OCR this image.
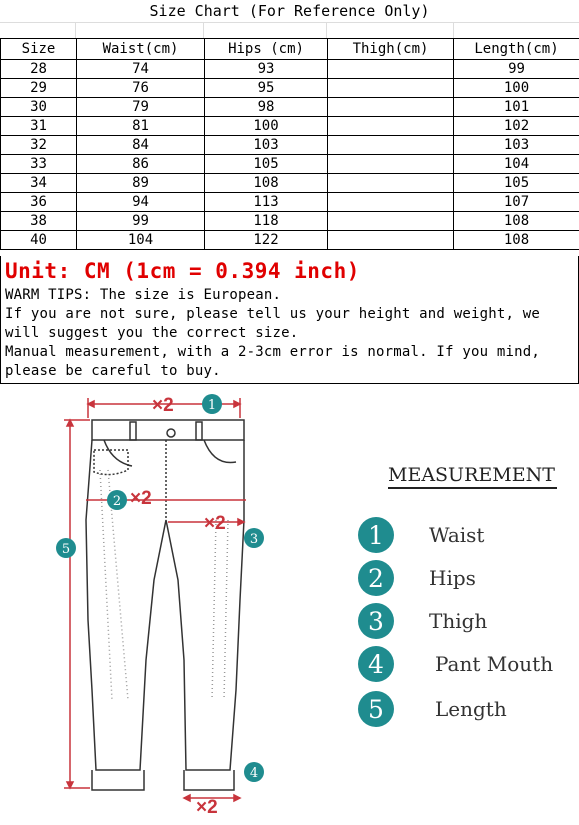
Size Chart (For Reference Only)
Size	Waist(cm)	Hips (cm)	Thigh(cm)	Length(cm)
28	74	93		99
29	76	95		100
30	79	98		101
31	81	100		102
32	84	103		103
33	86	105		104
34	89	108		105
36	94	113		107
38	99	118		108
40	104	122		108
Unit: CM (1cm = 0.394 inch)
WARM TIPS: The size is European.
If you are not sure, please tell us your height and weight, we
will suggest you the correct size.
Manual measurement, with a 2-3cm error is normal. If you mind,
please be careful to buy.
×2
×2
×2
×2
1
2
3
4
5
MEASUREMENT
1	Waist
2	Hips
3	Thigh
4	Pant Mouth
5	Length
